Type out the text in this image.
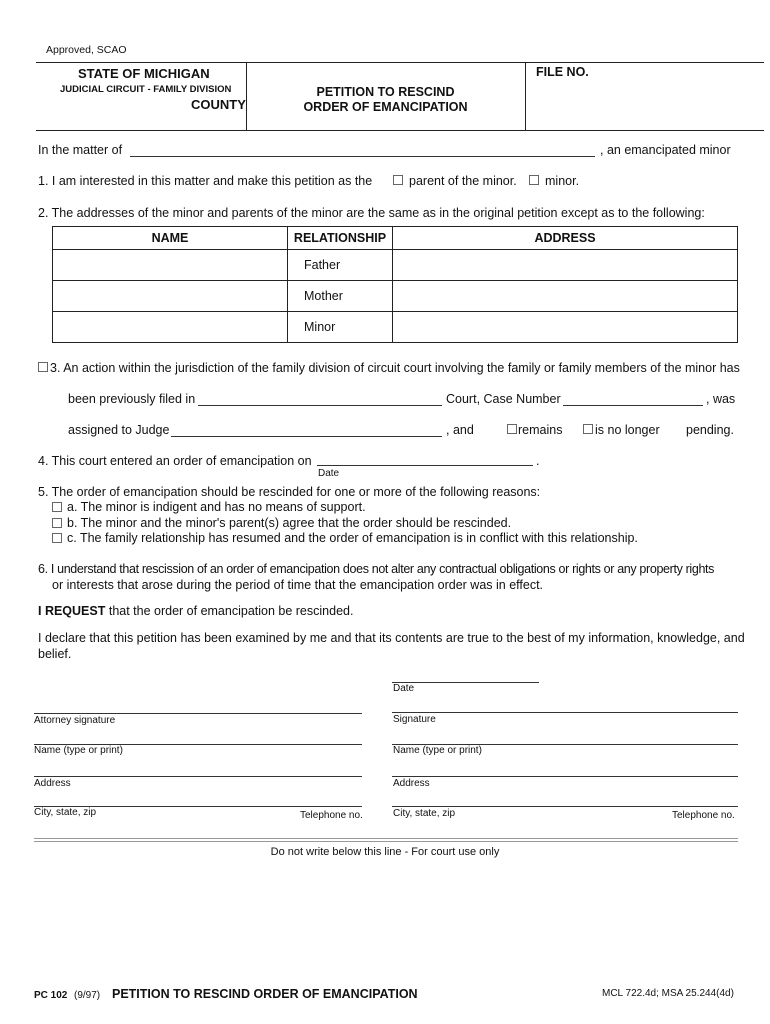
Approved, SCAO
STATE OF MICHIGAN
JUDICIAL CIRCUIT - FAMILY DIVISION
COUNTY
PETITION TO RESCIND
ORDER OF EMANCIPATION
FILE NO.
In the matter of	, an emancipated minor
1. I am interested in this matter and make this petition as the	parent of the minor. minor.
2. The addresses of the minor and parents of the minor are the same as in the original petition except as to the following:
NAME	RELATIONSHIP	ADDRESS
	Father	
	Mother	
	Minor	
3. An action within the jurisdiction of the family division of circuit court involving the family or family members of the minor has
been previously filed in	Court, Case Number	, was
assigned to Judge	, and	remains	is no longer pending.
4. This court entered an order of emancipation on	.
Date
5. The order of emancipation should be rescinded for one or more of the following reasons:
a. The minor is indigent and has no means of support.
b. The minor and the minor's parent(s) agree that the order should be rescinded.
c. The family relationship has resumed and the order of emancipation is in conflict with this relationship.
6. I understand that rescission of an order of emancipation does not alter any contractual obligations or rights or any property rights
or interests that arose during the period of time that the emancipation order was in effect.
I REQUEST that the order of emancipation be rescinded.
I declare that this petition has been examined by me and that its contents are true to the best of my information, knowledge, and
belief.
Date
Attorney signature	Signature
Name (type or print)	Name (type or print)
Address	Address
City, state, zip	Telephone no.	City, state, zip	Telephone no.
Do not write below this line - For court use only
PC 102 (9/97) PETITION TO RESCIND ORDER OF EMANCIPATION	MCL 722.4d; MSA 25.244(4d)
